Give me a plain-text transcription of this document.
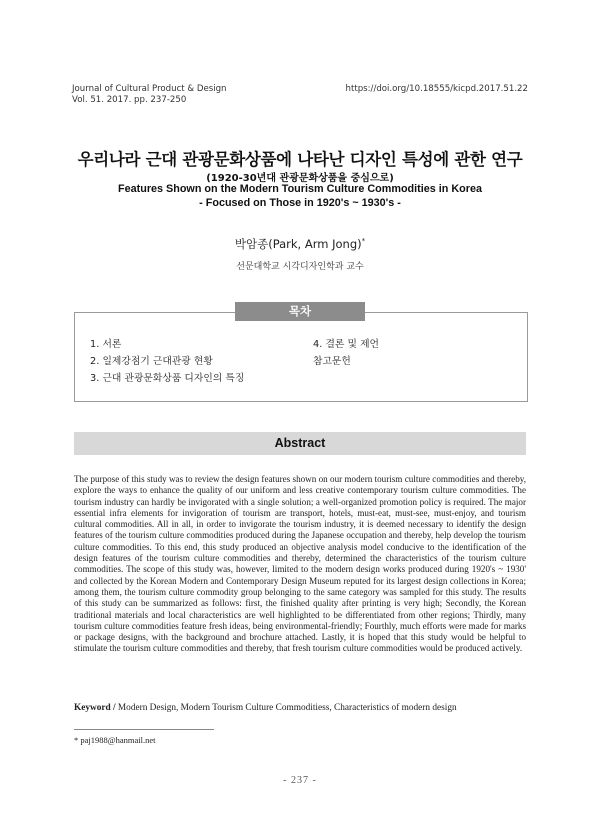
Journal of Cultural Product & Design
Vol. 51. 2017. pp. 237-250
https://doi.org/10.18555/kicpd.2017.51.22
우리나라 근대 관광문화상품에 나타난 디자인 특성에 관한 연구
(1920-30년대 관광문화상품을 중심으로)
Features Shown on the Modern Tourism Culture Commodities in Korea
- Focused on Those in 1920's ~ 1930's -
박암종(Park, Arm Jong)*
선문대학교 시각디자인학과 교수
목차
1. 서론
2. 일제강점기 근대관광 현황
3. 근대 관광문화상품 디자인의 특징
4. 결론 및 제언
참고문헌
Abstract
The purpose of this study was to review the design features shown on our modern tourism culture commodities and thereby, explore the ways to enhance the quality of our uniform and less creative contemporary tourism culture commodities. The tourism industry can hardly be invigorated with a single solution; a well-organized promotion policy is required. The major essential infra elements for invigoration of tourism are transport, hotels, must-eat, must-see, must-enjoy, and tourism cultural commodities. All in all, in order to invigorate the tourism industry, it is deemed necessary to identify the design features of the tourism culture commodities produced during the Japanese occupation and thereby, help develop the tourism culture commodities. To this end, this study produced an objective analysis model conducive to the identification of the design features of the tourism culture commodities and thereby, determined the characteristics of the tourism culture commodities. The scope of this study was, however, limited to the modern design works produced during 1920's ~ 1930' and collected by the Korean Modern and Contemporary Design Museum reputed for its largest design collections in Korea; among them, the tourism culture commodity group belonging to the same category was sampled for this study. The results of this study can be summarized as follows: first, the finished quality after printing is very high; Secondly, the Korean traditional materials and local characteristics are well highlighted to be differentiated from other regions; Thirdly, many tourism culture commodities feature fresh ideas, being environmental-friendly; Fourthly, much efforts were made for marks or package designs, with the background and brochure attached. Lastly, it is hoped that this study would be helpful to stimulate the tourism culture commodities and thereby, that fresh tourism culture commodities would be produced actively.
Keyword / Modern Design, Modern Tourism Culture Commoditiess, Characteristics of modern design
* paj1988@hanmail.net
- 237 -
